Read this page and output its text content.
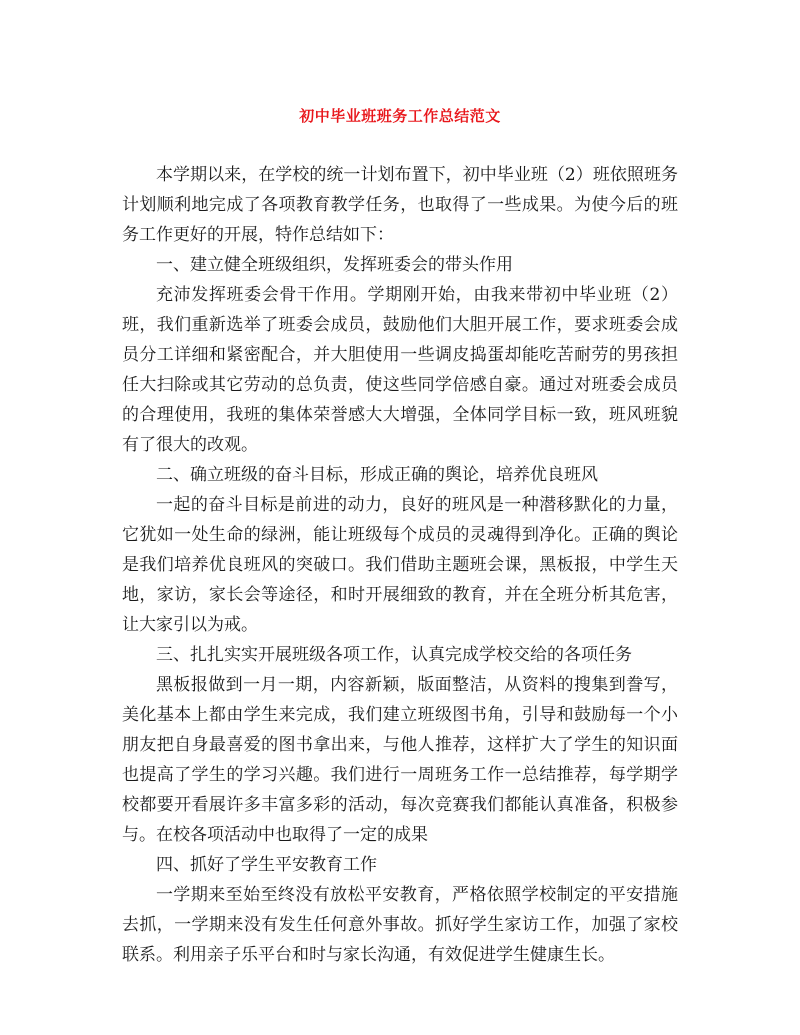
初中毕业班班务工作总结范文

本学期以来，在学校的统一计划布置下，初中毕业班（2）班依照班务计划顺利地完成了各项教育教学任务，也取得了一些成果。为使今后的班务工作更好的开展，特作总结如下：

一、建立健全班级组织，发挥班委会的带头作用

充沛发挥班委会骨干作用。学期刚开始，由我来带初中毕业班（2）班，我们重新选举了班委会成员，鼓励他们大胆开展工作，要求班委会成员分工详细和紧密配合，并大胆使用一些调皮捣蛋却能吃苦耐劳的男孩担任大扫除或其它劳动的总负责，使这些同学倍感自豪。通过对班委会成员的合理使用，我班的集体荣誉感大大增强，全体同学目标一致，班风班貌有了很大的改观。

二、确立班级的奋斗目标，形成正确的舆论，培养优良班风

一起的奋斗目标是前进的动力，良好的班风是一种潜移默化的力量，它犹如一处生命的绿洲，能让班级每个成员的灵魂得到净化。正确的舆论是我们培养优良班风的突破口。我们借助主题班会课，黑板报，中学生天地，家访，家长会等途径，和时开展细致的教育，并在全班分析其危害，让大家引以为戒。

三、扎扎实实开展班级各项工作，认真完成学校交给的各项任务

黑板报做到一月一期，内容新颖，版面整洁，从资料的搜集到誊写，美化基本上都由学生来完成，我们建立班级图书角，引导和鼓励每一个小朋友把自身最喜爱的图书拿出来，与他人推荐，这样扩大了学生的知识面也提高了学生的学习兴趣。我们进行一周班务工作一总结推荐，每学期学校都要开看展许多丰富多彩的活动，每次竞赛我们都能认真准备，积极参与。在校各项活动中也取得了一定的成果

四、抓好了学生平安教育工作

一学期来至始至终没有放松平安教育，严格依照学校制定的平安措施去抓，一学期来没有发生任何意外事故。抓好学生家访工作，加强了家校联系。利用亲子乐平台和时与家长沟通，有效促进学生健康生长。
